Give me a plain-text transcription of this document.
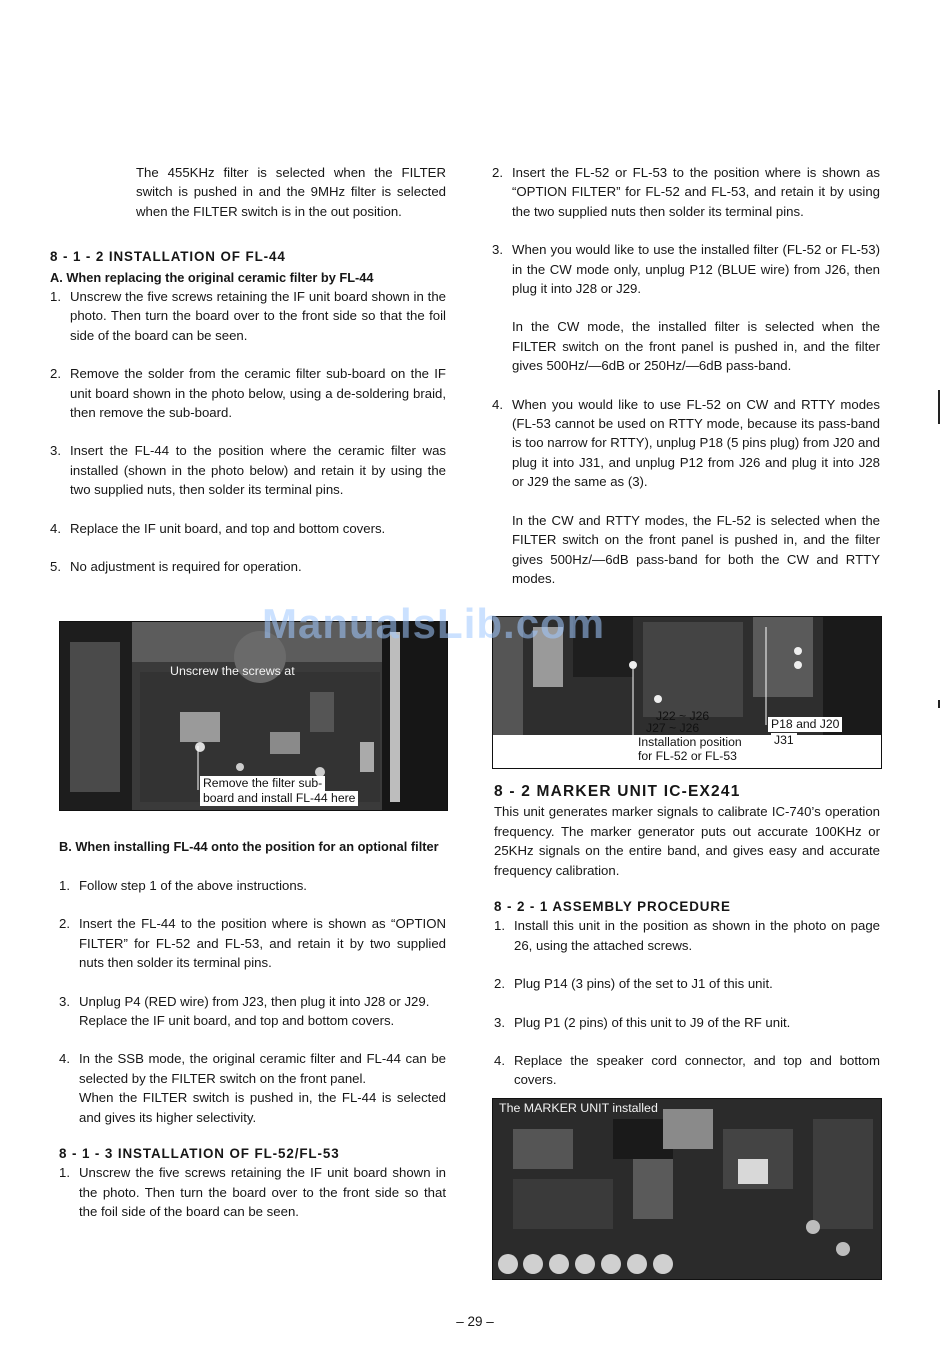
The 455KHz filter is selected when the FILTER switch is pushed in and the 9MHz filter is selected when the FILTER switch is in the out position.

8 - 1 - 2 INSTALLATION OF FL-44
A. When replacing the original ceramic filter by FL-44
1. Unscrew the five screws retaining the IF unit board shown in the photo. Then turn the board over to the front side so that the foil side of the board can be seen.

2. Remove the solder from the ceramic filter sub-board on the IF unit board shown in the photo below, using a de-soldering braid, then remove the sub-board.

3. Insert the FL-44 to the position where the ceramic filter was installed (shown in the photo below) and retain it by using the two supplied nuts, then solder its terminal pins.

4. Replace the IF unit board, and top and bottom covers.

5. No adjustment is required for operation.

Unscrew the screws at
Remove the filter sub-
board and install FL-44 here

B. When installing FL-44 onto the position for an optional filter

1. Follow step 1 of the above instructions.

2. Insert the FL-44 to the position where is shown as “OPTION FILTER” for FL-52 and FL-53, and retain it by two supplied nuts then solder its terminal pins.

3. Unplug P4 (RED wire) from J23, then plug it into J28 or J29.

Replace the IF unit board, and top and bottom covers.

4. In the SSB mode, the original ceramic filter and FL-44 can be selected by the FILTER switch on the front panel.

When the FILTER switch is pushed in, the FL-44 is selected and gives its higher selectivity.

8 - 1 - 3 INSTALLATION OF FL-52/FL-53
1. Unscrew the five screws retaining the IF unit board shown in the photo. Then turn the board over to the front side so that the foil side of the board can be seen.

2. Insert the FL-52 or FL-53 to the position where is shown as “OPTION FILTER” for FL-52 and FL-53, and retain it by using the two supplied nuts then solder its terminal pins.

3. When you would like to use the installed filter (FL-52 or FL-53) in the CW mode only, unplug P12 (BLUE wire) from J26, then plug it into J28 or J29.

In the CW mode, the installed filter is selected when the FILTER switch on the front panel is pushed in, and the filter gives 500Hz/—6dB or 250Hz/—6dB pass-band.

4. When you would like to use FL-52 on CW and RTTY modes (FL-53 cannot be used on RTTY mode, because its pass-band is too narrow for RTTY), unplug P18 (5 pins plug) from J20 and plug it into J31, and unplug P12 from J26 and plug it into J28 or J29 the same as (3).

In the CW and RTTY modes, the FL-52 is selected when the FILTER switch on the front panel is pushed in, and the filter gives 500Hz/—6dB pass-band for both the CW and RTTY modes.

J22 ~ J26
J27 ~ J26	P18 and J20
J31
Installation position
for FL-52 or FL-53
8 - 2 MARKER UNIT IC-EX241

This unit generates marker signals to calibrate IC-740’s operation frequency. The marker generator puts out accurate 100KHz or 25KHz signals on the entire band, and gives easy and accurate frequency calibration.

8 - 2 - 1 ASSEMBLY PROCEDURE
1. Install this unit in the position as shown in the photo on page 26, using the attached screws.

2. Plug P14 (3 pins) of the set to J1 of this unit.

3. Plug P1 (2 pins) of this unit to J9 of the RF unit.

4. Replace the speaker cord connector, and top and bottom covers.

The MARKER UNIT installed
ManualsLib.com
– 29 –
